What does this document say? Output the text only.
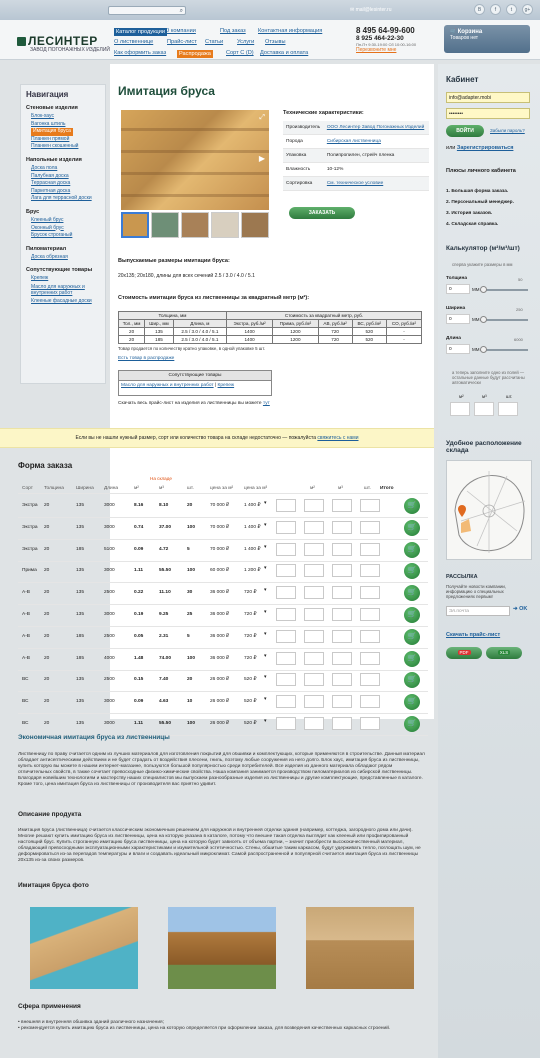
⌕	✉ mail@lesinter.ru	В	f	t	g+
ЛЕСИНТЕР
ЗАВОД ПОГОНАЖНЫХ ИЗДЕЛИЙ
Каталог продукции О компании	Под заказ Контактная информация
О лиственнице Прайс-лист Статьи Услуги Отзывы
Как оформить заказ	Распродажа	Сорт С (D) Доставка и оплата
8 495 64-99-600
8 925 464-22-30
Пн-Пт 9:30-19:00 Сб 10:00-16:00
Перезвоните мне
🛒 Корзина
Товаров нет
Навигация
Стеновые изделия
Блок-хаус
Вагонка штиль
Имитация бруса
Планкен прямой
Планкен скошенный
Напольные изделия
Доска пола
Палубная доска
Террасная доска
Паркетная доска
Лага для террасной доски
Брус
Клееный брус
Оконный брус
Брусок строганый
Пиломатериал
Доска обрезная
Сопутствующие товары
Крепеж
Масло для наружных и внутренних работ
Клееные фасадные доски
Имитация бруса
⤢
▶
Технические характеристики:
Производитель	ООО Лесинтер Завод Погонажных Изделий
Порода	Сибирская лиственница
Упаковка	Полипропилен, стрейч пленка
Влажность	10-12%
Сортировка	См. техническое условие
ЗАКАЗАТЬ
Выпускаемые размеры имитации бруса:
20х135; 20х180, длины для всех сечений 2.5 / 3.0 / 4.0 / 5.1
Стоимость имитации бруса из лиственницы за квадратный метр (м²):
Толщина, мм			Стоимость за квадратный метр, руб.				
Тол., мм	Шир., мм	Длина, м	Экстра, руб./м²	Прима, руб./м²	АВ, руб./м²	ВС, руб./м²	СО, руб./м²
20	135	2.5 / 3.0 / 4.0 / 5.1	1400	1200	720	520	-
20	185	2.5 / 3.0 / 4.0 / 5.1	1400	1200	720	520	-
Товар продается по количеству кратно упаковке, в одной упаковке 5 шт.
Есть товар в распродаже
Сопутствующие товары
Масло для наружных и внутренних работ | Крепеж
Скачать весь прайс-лист на изделия из лиственницы вы можете тут
Если вы не нашли нужный размер, сорт или количество товара на складе недостаточно — пожалуйста свяжитесь с нами
Форма заказа
На складе
Сорт Толщина	Ширина Длина	м²	м³	шт.	цена за м² цена за м³	м²	м³	шт. Итого
Экстра 20	135	3000	8.16	8.10	20	70 000 ₽	1 400 ₽ ▾	🛒
Экстра 20	135	3000	0.74	37.00	100	70 000 ₽	1 400 ₽ ▾	🛒
Экстра 20	185	5100	0.09	4.72	5	70 000 ₽	1 400 ₽ ▾	🛒
Прима 20	135	3000	1.11	55.50	100	60 000 ₽	1 200 ₽ ▾	🛒
А-В	20	135	2500	0.22	11.10	30	36 000 ₽	720 ₽ ▾	🛒
А-В	20	135	3000	0.19	9.25	25	36 000 ₽	720 ₽ ▾	🛒
А-В	20	185	2500	0.05	2.31	5	36 000 ₽	720 ₽ ▾	🛒
А-В	20	185	4000	1.48	74.00	100	36 000 ₽	720 ₽ ▾	🛒
ВС	20	135	2500	0.15	7.40	20	26 000 ₽	520 ₽ ▾	🛒
ВС	20	135	3000	0.09	4.63	10	26 000 ₽	520 ₽ ▾	🛒
ВС	20	135	3000	1.11	55.50	100	26 000 ₽	520 ₽ ▾	🛒
Экономичная имитация бруса из лиственницы
Лиственницу по праву считается одним из лучших материалов для изготовления покрытий для обшивки и комплектующих, которые применяются в строительстве. Данный материал обладает антисептическими действием и не будет страдать от воздействия плесени, гниль, поэтому любые сооружения из него долго. Блок хаус, имитация бруса из лиственницы, купить которую вы можете в нашем интернет-магазине, пользуются большой популярностью среди потребителей. Все изделия из данного материала обладают рядом отличительных свойств, в также сочетает превосходные физико-химические свойства. Наша компания занимается производством пиломатериалов из сибирской лиственницы. Благодаря новейшим технологиям и мастерству наших специалистов мы выпускаем разнообразные изделия из лиственницы и другие комплектующие, представленные в каталоге. Кроме того, цена имитация бруса из лиственницы от производителя вас приятно удивит.
Описание продукта
Имитация бруса (лиственница) считается классическим экономичным решением для наружной и внутренней отделки здания (например, коттеджа, загородного дома или дачи). Многие решают купить имитацию бруса из лиственницы, цена на которую указана в каталоге, потому что внешне такая отделка выглядит как клееный или профилированный настоящий брус. Купить строганную имитацию бруса лиственницы, цена на которую будет зависеть от объема партии, – значит приобрести высококачественный материал, обладающий превосходными эксплуатационными характеристиками и изумительной эстетичностью. Стены, обшитые таким каркасом, будут удерживать тепло, поглощать шум, не деформироваться из-за перепадов температуры и влаги и создавать идеальный микроклимат. Самой распространенной и популярной считается имитация бруса из лиственницы 20х135 из-за своих размеров.
Имитация бруса фото
Сфера применения
• внешняя и внутренняя обшивка зданий различного назначения;
• рекомендуется купить имитацию бруса из лиственницы, цена на которую определяется при оформлении заказа, для возведения качественных каркасных строений.
Кабинет
info@adapter.mobi
••••••••
ВОЙТИ	Забыли пароль?
или Зарегистрироваться
Плюсы личного кабинета
1. Большая форма заказа.
2. Персональный менеджер.
3. История заказов.
4. Складская справка.
Калькулятор (м²/м³/шт)
сперва укажите размеры в мм
Толщина
0	ММ
50
Ширина
0	ММ
250
Длина
0	ММ
6000
а теперь заполните одно из полей — остальные данные будут рассчитаны автоматически
м²	м³	шт.
Удобное расположение склада
РАССЫЛКА
Получайте новости компании, информацию о специальных предложениях первым!
Эл.почта	➔ OK
Скачать прайс-лист
PDF	XLS
